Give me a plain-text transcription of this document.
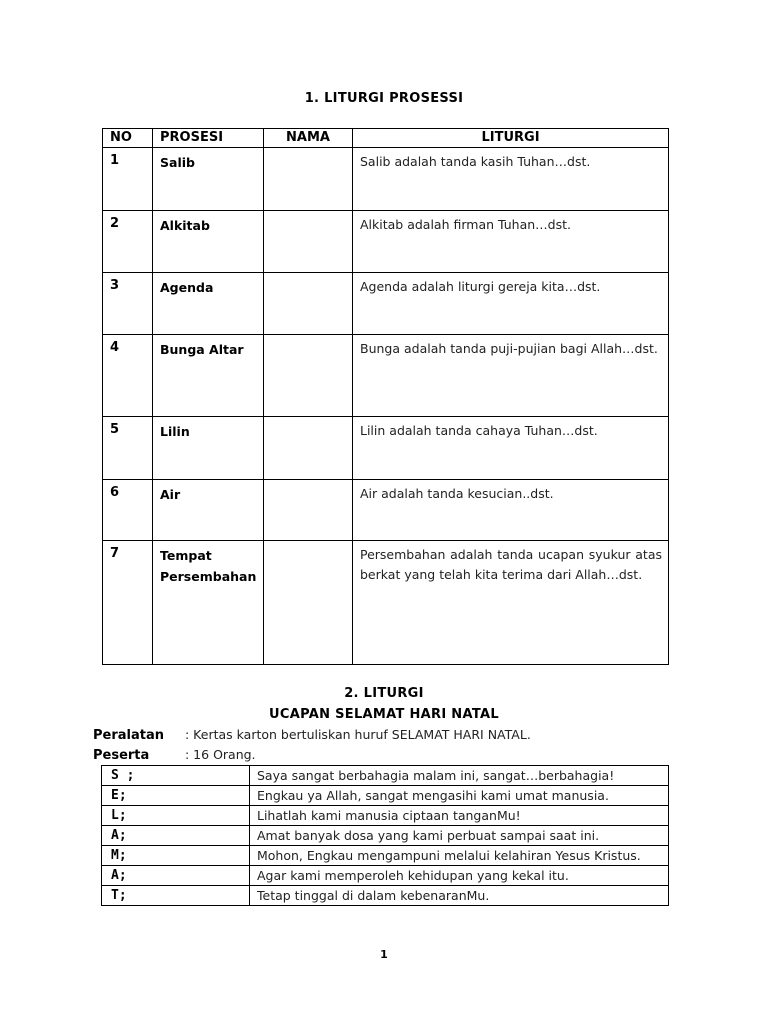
1. LITURGI PROSESSI
NO	PROSESI	NAMA	LITURGI
1	Salib		Salib adalah tanda kasih Tuhan…dst.
2	Alkitab		Alkitab adalah firman Tuhan…dst.
3	Agenda		Agenda adalah liturgi gereja kita…dst.
4	Bunga Altar		Bunga adalah tanda puji-pujian bagi Allah…dst.
5	Lilin		Lilin adalah tanda cahaya Tuhan…dst.
6	Air		Air adalah tanda kesucian..dst.
7	Tempat Persembahan		Persembahan adalah tanda ucapan syukur atas berkat yang telah kita terima dari Allah…dst.
2. LITURGI
UCAPAN SELAMAT HARI NATAL
Peralatan : Kertas karton bertuliskan huruf SELAMAT HARI NATAL.
Peserta	: 16 Orang.
S ;	Saya sangat berbahagia malam ini, sangat…berbahagia!
E;	Engkau ya Allah, sangat mengasihi kami umat manusia.
L;	Lihatlah kami manusia ciptaan tanganMu!
A;	Amat banyak dosa yang kami perbuat sampai saat ini.
M;	Mohon, Engkau mengampuni melalui kelahiran Yesus Kristus.
A;	Agar kami memperoleh kehidupan yang kekal itu.
T;	Tetap tinggal di dalam kebenaranMu.
1
